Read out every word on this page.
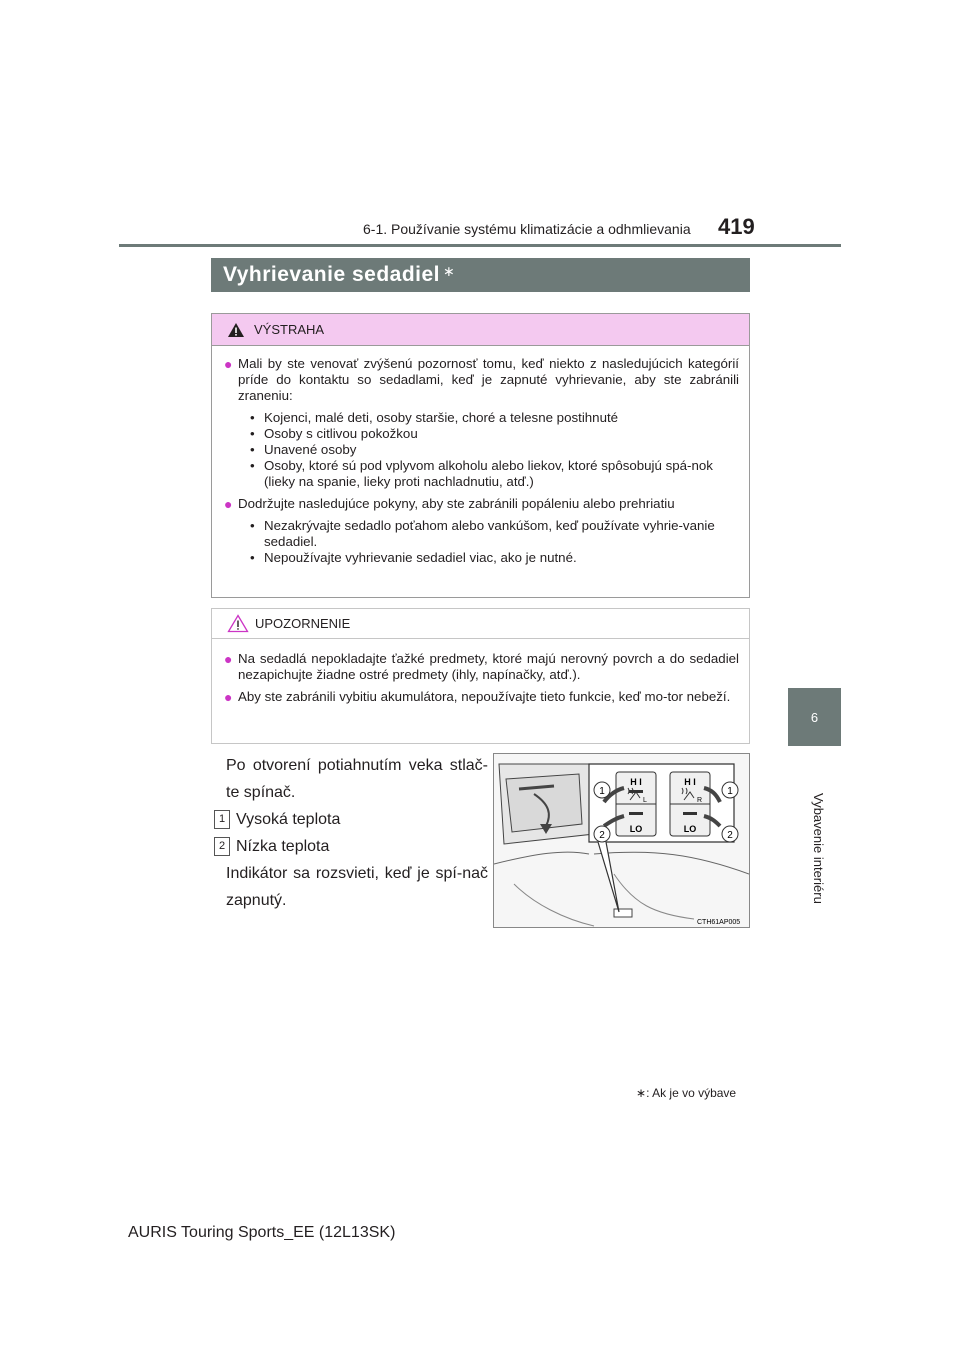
6-1. Používanie systému klimatizácie a odhmlievania 419
6
Vybavenie interiéru
Vyhrievanie sedadiel∗
VÝSTRAHA
● Mali by ste venovať zvýšenú pozornosť tomu, keď niekto z nasledujúcich kategórií príde do kontaktu so sedadlami, keď je zapnuté vyhrievanie, aby ste zabránili zraneniu:
• Kojenci, malé deti, osoby staršie, choré a telesne postihnuté
• Osoby s citlivou pokožkou
• Unavené osoby
• Osoby, ktoré sú pod vplyvom alkoholu alebo liekov, ktoré spôsobujú spá-nok (lieky na spanie, lieky proti nachladnutiu, atď.)
● Dodržujte nasledujúce pokyny, aby ste zabránili popáleniu alebo prehriatiu
• Nezakrývajte sedadlo poťahom alebo vankúšom, keď používate vyhrie-vanie sedadiel.
• Nepoužívajte vyhrievanie sedadiel viac, ako je nutné.
UPOZORNENIE
● Na sedadlá nepokladajte ťažké predmety, ktoré majú nerovný povrch a do sedadiel nezapichujte žiadne ostré predmety (ihly, napínačky, atď.).
● Aby ste zabránili vybitiu akumulátora, nepoužívajte tieto funkcie, keď mo-tor nebeží.
Po otvorení potiahnutím veka stlač-te spínač.
1 Vysoká teplota
2 Nízka teplota
Indikátor sa rozsvieti, keď je spí-nač zapnutý.
H I	H I
LO	LO
L	R
1
2
1
2
CTH61AP005
∗: Ak je vo výbave
AURIS Touring Sports_EE (12L13SK)
